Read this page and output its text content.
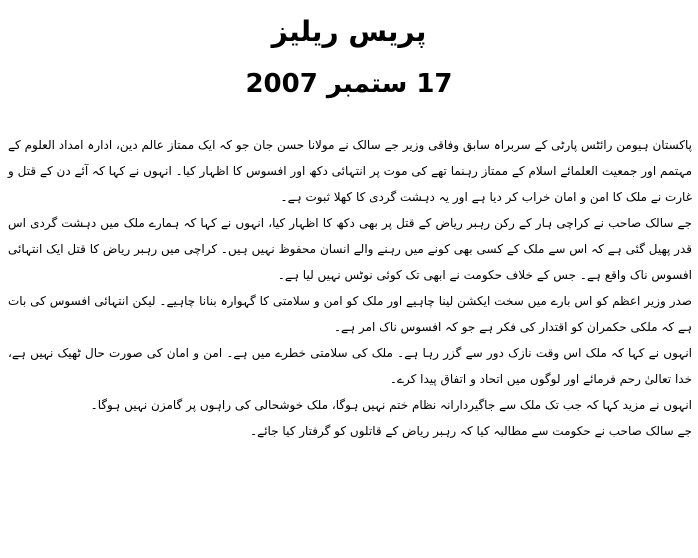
پریس ریلیز
17 ستمبر 2007

پاکستان ہیومن رائٹس پارٹی کے سربراہ سابق وفاقی وزیر جے سالک نے مولانا حسن جان جو کہ ایک ممتاز عالم دین، ادارہ امداد العلوم کے مہتمم اور جمعیت العلمائے اسلام کے ممتاز رہنما تھے کی موت پر انتہائی دکھ اور افسوس کا اظہار کیا۔ انہوں نے کہا کہ آئے دن کے قتل و غارت نے ملک کا امن و امان خراب کر دیا ہے اور یہ دہشت گردی کا کھلا ثبوت ہے۔

جے سالک صاحب نے کراچی ہار کے رکن رہبر ریاض کے قتل پر بھی دکھ کا اظہار کیا، انہوں نے کہا کہ ہمارے ملک میں دہشت گردی اس قدر پھیل گئی ہے کہ اس سے ملک کے کسی بھی کونے میں رہنے والے انسان محفوظ نہیں ہیں۔ کراچی میں رہبر ریاض کا قتل ایک انتہائی افسوس ناک واقع ہے۔ جس کے خلاف حکومت نے ابھی تک کوئی نوٹس نہیں لیا ہے۔

صدر وزیر اعظم کو اس بارے میں سخت ایکشن لینا چاہیے اور ملک کو امن و سلامتی کا گہوارہ بنانا چاہیے۔ لیکن انتہائی افسوس کی بات ہے کہ ملکی حکمران کو اقتدار کی فکر ہے جو کہ افسوس ناک امر ہے۔

انہوں نے کہا کہ ملک اس وقت نازک دور سے گزر رہا ہے۔ ملک کی سلامتی خطرے میں ہے۔ امن و امان کی صورت حال ٹھیک نہیں ہے، خدا تعالیٰ رحم فرمائے اور لوگوں میں اتحاد و اتفاق پیدا کرے۔

انہوں نے مزید کہا کہ جب تک ملک سے جاگیردارانہ نظام ختم نہیں ہوگا، ملک خوشحالی کی راہوں پر گامزن نہیں ہوگا۔

جے سالک صاحب نے حکومت سے مطالبہ کیا کہ رہبر ریاض کے قاتلوں کو گرفتار کیا جائے۔
